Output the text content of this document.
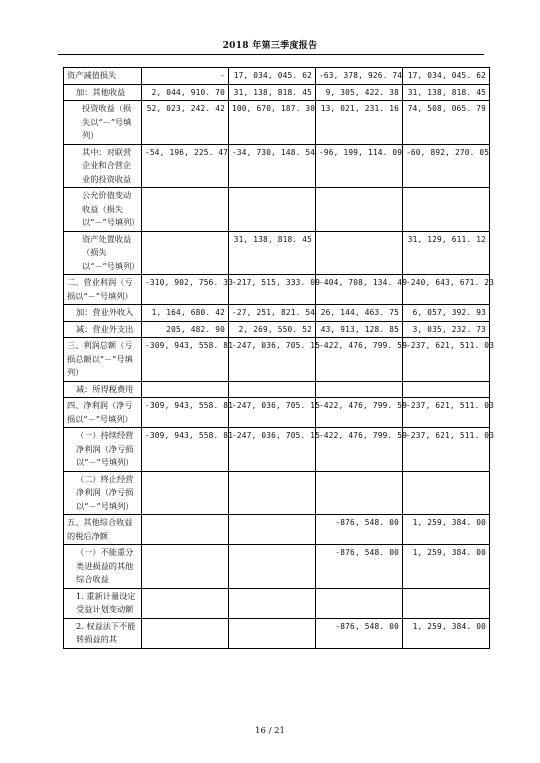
2018 年第三季度报告
资产减值损失	-	17, 034, 045. 62	-63, 378, 926. 74	17, 034, 045. 62
加：其他收益	2, 044, 910. 70	31, 138, 818. 45	9, 305, 422. 38	31, 138, 818. 45
投资收益（损失以“－”号填列）	52, 023, 242. 42	100, 670, 187. 30	13, 021, 231. 16	74, 508, 065. 79
其中：对联营企业和合营企业的投资收益	-54, 196, 225. 47	-34, 730, 148. 54	-96, 199, 114. 09	-60, 892, 270. 05
公允价值变动收益（损失以“－”号填列）				
资产处置收益（损失以“－”号填列）		31, 138, 818. 45		31, 129, 611. 12
二、营业利润（亏损以“－”号填列）	-310, 902, 756. 33	-217, 515, 333. 09	-404, 708, 134. 49	-240, 643, 671. 23
加：营业外收入	1, 164, 680. 42	-27, 251, 821. 54	26, 144, 463. 75	6, 057, 392. 93
减：营业外支出	205, 482. 90	2, 269, 550. 52	43, 913, 128. 85	3, 035, 232. 73
三、利润总额（亏损总额以“－”号填列）	-309, 943, 558. 81	-247, 036, 705. 15	-422, 476, 799. 59	-237, 621, 511. 03
减：所得税费用				
四、净利润（净亏损以“－”号填列）	-309, 943, 558. 81	-247, 036, 705. 15	-422, 476, 799. 59	-237, 621, 511. 03
（一）持续经营净利润（净亏损以“－”号填列）	-309, 943, 558. 81	-247, 036, 705. 15	-422, 476, 799. 59	-237, 621, 511. 03
（二）终止经营净利润（净亏损以“－”号填列）				
五、其他综合收益的税后净额			-876, 548. 00	1, 259, 384. 00
（一）不能重分类进损益的其他综合收益			-876, 548. 00	1, 259, 384. 00
1. 重新计量设定受益计划变动额				
2. 权益法下不能转损益的其			-876, 548. 00	1, 259, 384. 00
16 / 21
